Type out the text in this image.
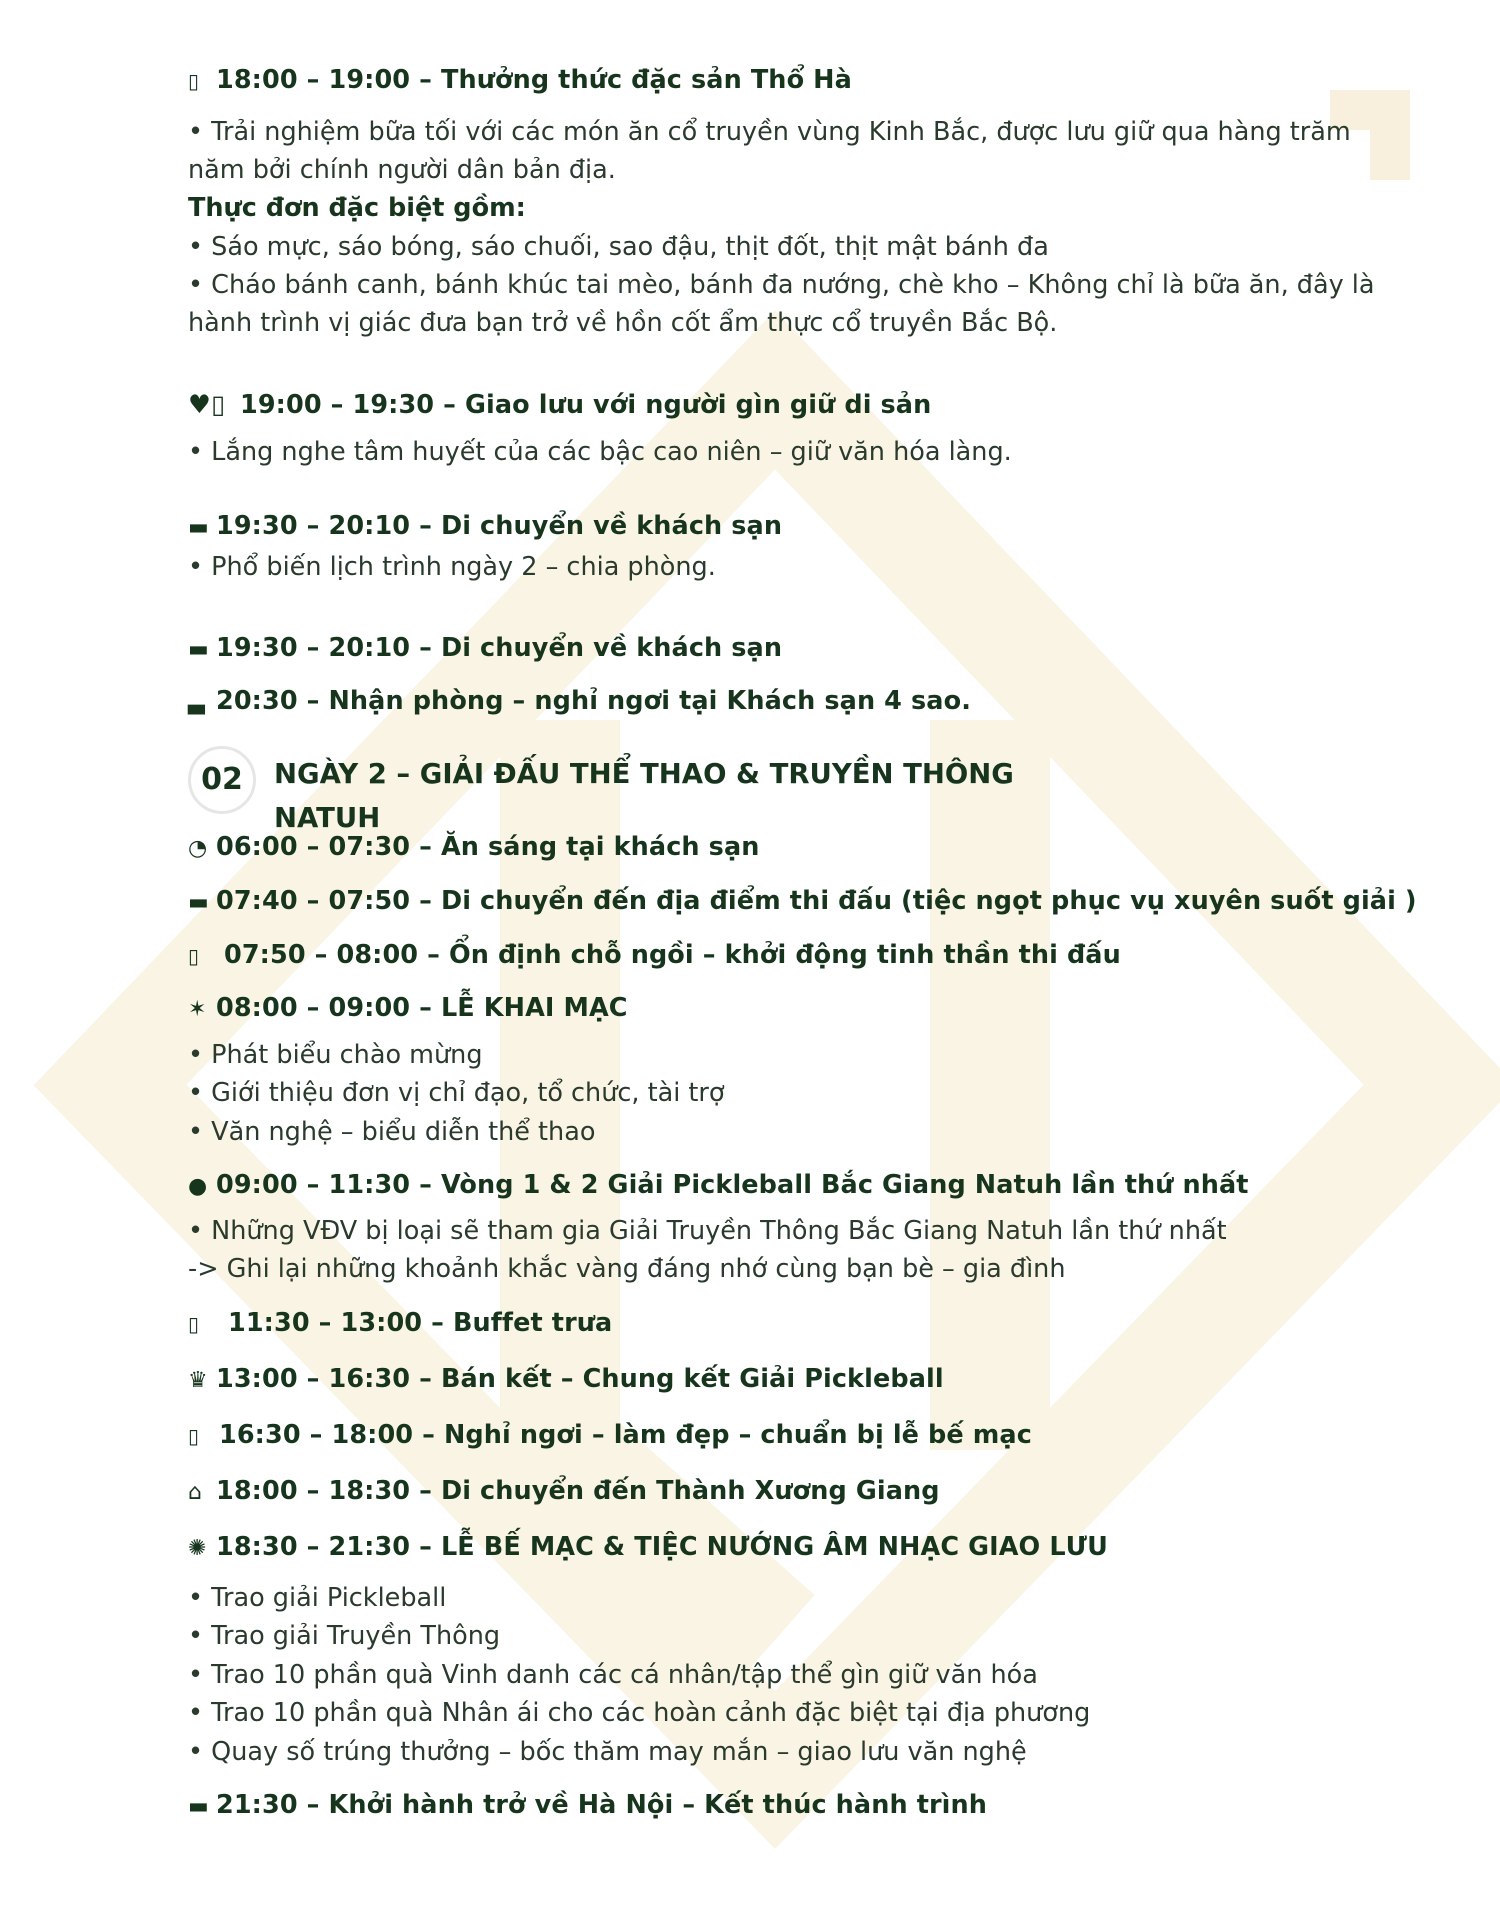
▯ 18:00 – 19:00 – Thưởng thức đặc sản Thổ Hà
• Trải nghiệm bữa tối với các món ăn cổ truyền vùng Kinh Bắc, được lưu giữ qua hàng trăm
năm bởi chính người dân bản địa.
Thực đơn đặc biệt gồm:
• Sáo mực, sáo bóng, sáo chuối, sao đậu, thịt đốt, thịt mật bánh đa
• Cháo bánh canh, bánh khúc tai mèo, bánh đa nướng, chè kho – Không chỉ là bữa ăn, đây là
hành trình vị giác đưa bạn trở về hồn cốt ẩm thực cổ truyền Bắc Bộ.
♥▯ 19:00 – 19:30 – Giao lưu với người gìn giữ di sản
• Lắng nghe tâm huyết của các bậc cao niên – giữ văn hóa làng.
▬ 19:30 – 20:10 – Di chuyển về khách sạn
• Phổ biến lịch trình ngày 2 – chia phòng.
▬ 19:30 – 20:10 – Di chuyển về khách sạn
▃ 20:30 – Nhận phòng – nghỉ ngơi tại Khách sạn 4 sao.
02	NGÀY 2 – GIẢI ĐẤU THỂ THAO & TRUYỀN THÔNG NATUH
◔ 06:00 – 07:30 – Ăn sáng tại khách sạn
▬ 07:40 – 07:50 – Di chuyển đến địa điểm thi đấu (tiệc ngọt phục vụ xuyên suốt giải )
▯ 07:50 – 08:00 – Ổn định chỗ ngồi – khởi động tinh thần thi đấu
✶ 08:00 – 09:00 – LỄ KHAI MẠC
• Phát biểu chào mừng
• Giới thiệu đơn vị chỉ đạo, tổ chức, tài trợ
• Văn nghệ – biểu diễn thể thao
● 09:00 – 11:30 – Vòng 1 & 2 Giải Pickleball Bắc Giang Natuh lần thứ nhất
• Những VĐV bị loại sẽ tham gia Giải Truyền Thông Bắc Giang Natuh lần thứ nhất
-> Ghi lại những khoảnh khắc vàng đáng nhớ cùng bạn bè – gia đình
▯ 11:30 – 13:00 – Buffet trưa
♛ 13:00 – 16:30 – Bán kết – Chung kết Giải Pickleball
▯ 16:30 – 18:00 – Nghỉ ngơi – làm đẹp – chuẩn bị lễ bế mạc
⌂ 18:00 – 18:30 – Di chuyển đến Thành Xương Giang
✺ 18:30 – 21:30 – LỄ BẾ MẠC & TIỆC NƯỚNG ÂM NHẠC GIAO LƯU
• Trao giải Pickleball
• Trao giải Truyền Thông
• Trao 10 phần quà Vinh danh các cá nhân/tập thể gìn giữ văn hóa
• Trao 10 phần quà Nhân ái cho các hoàn cảnh đặc biệt tại địa phương
• Quay số trúng thưởng – bốc thăm may mắn – giao lưu văn nghệ
▬ 21:30 – Khởi hành trở về Hà Nội – Kết thúc hành trình
